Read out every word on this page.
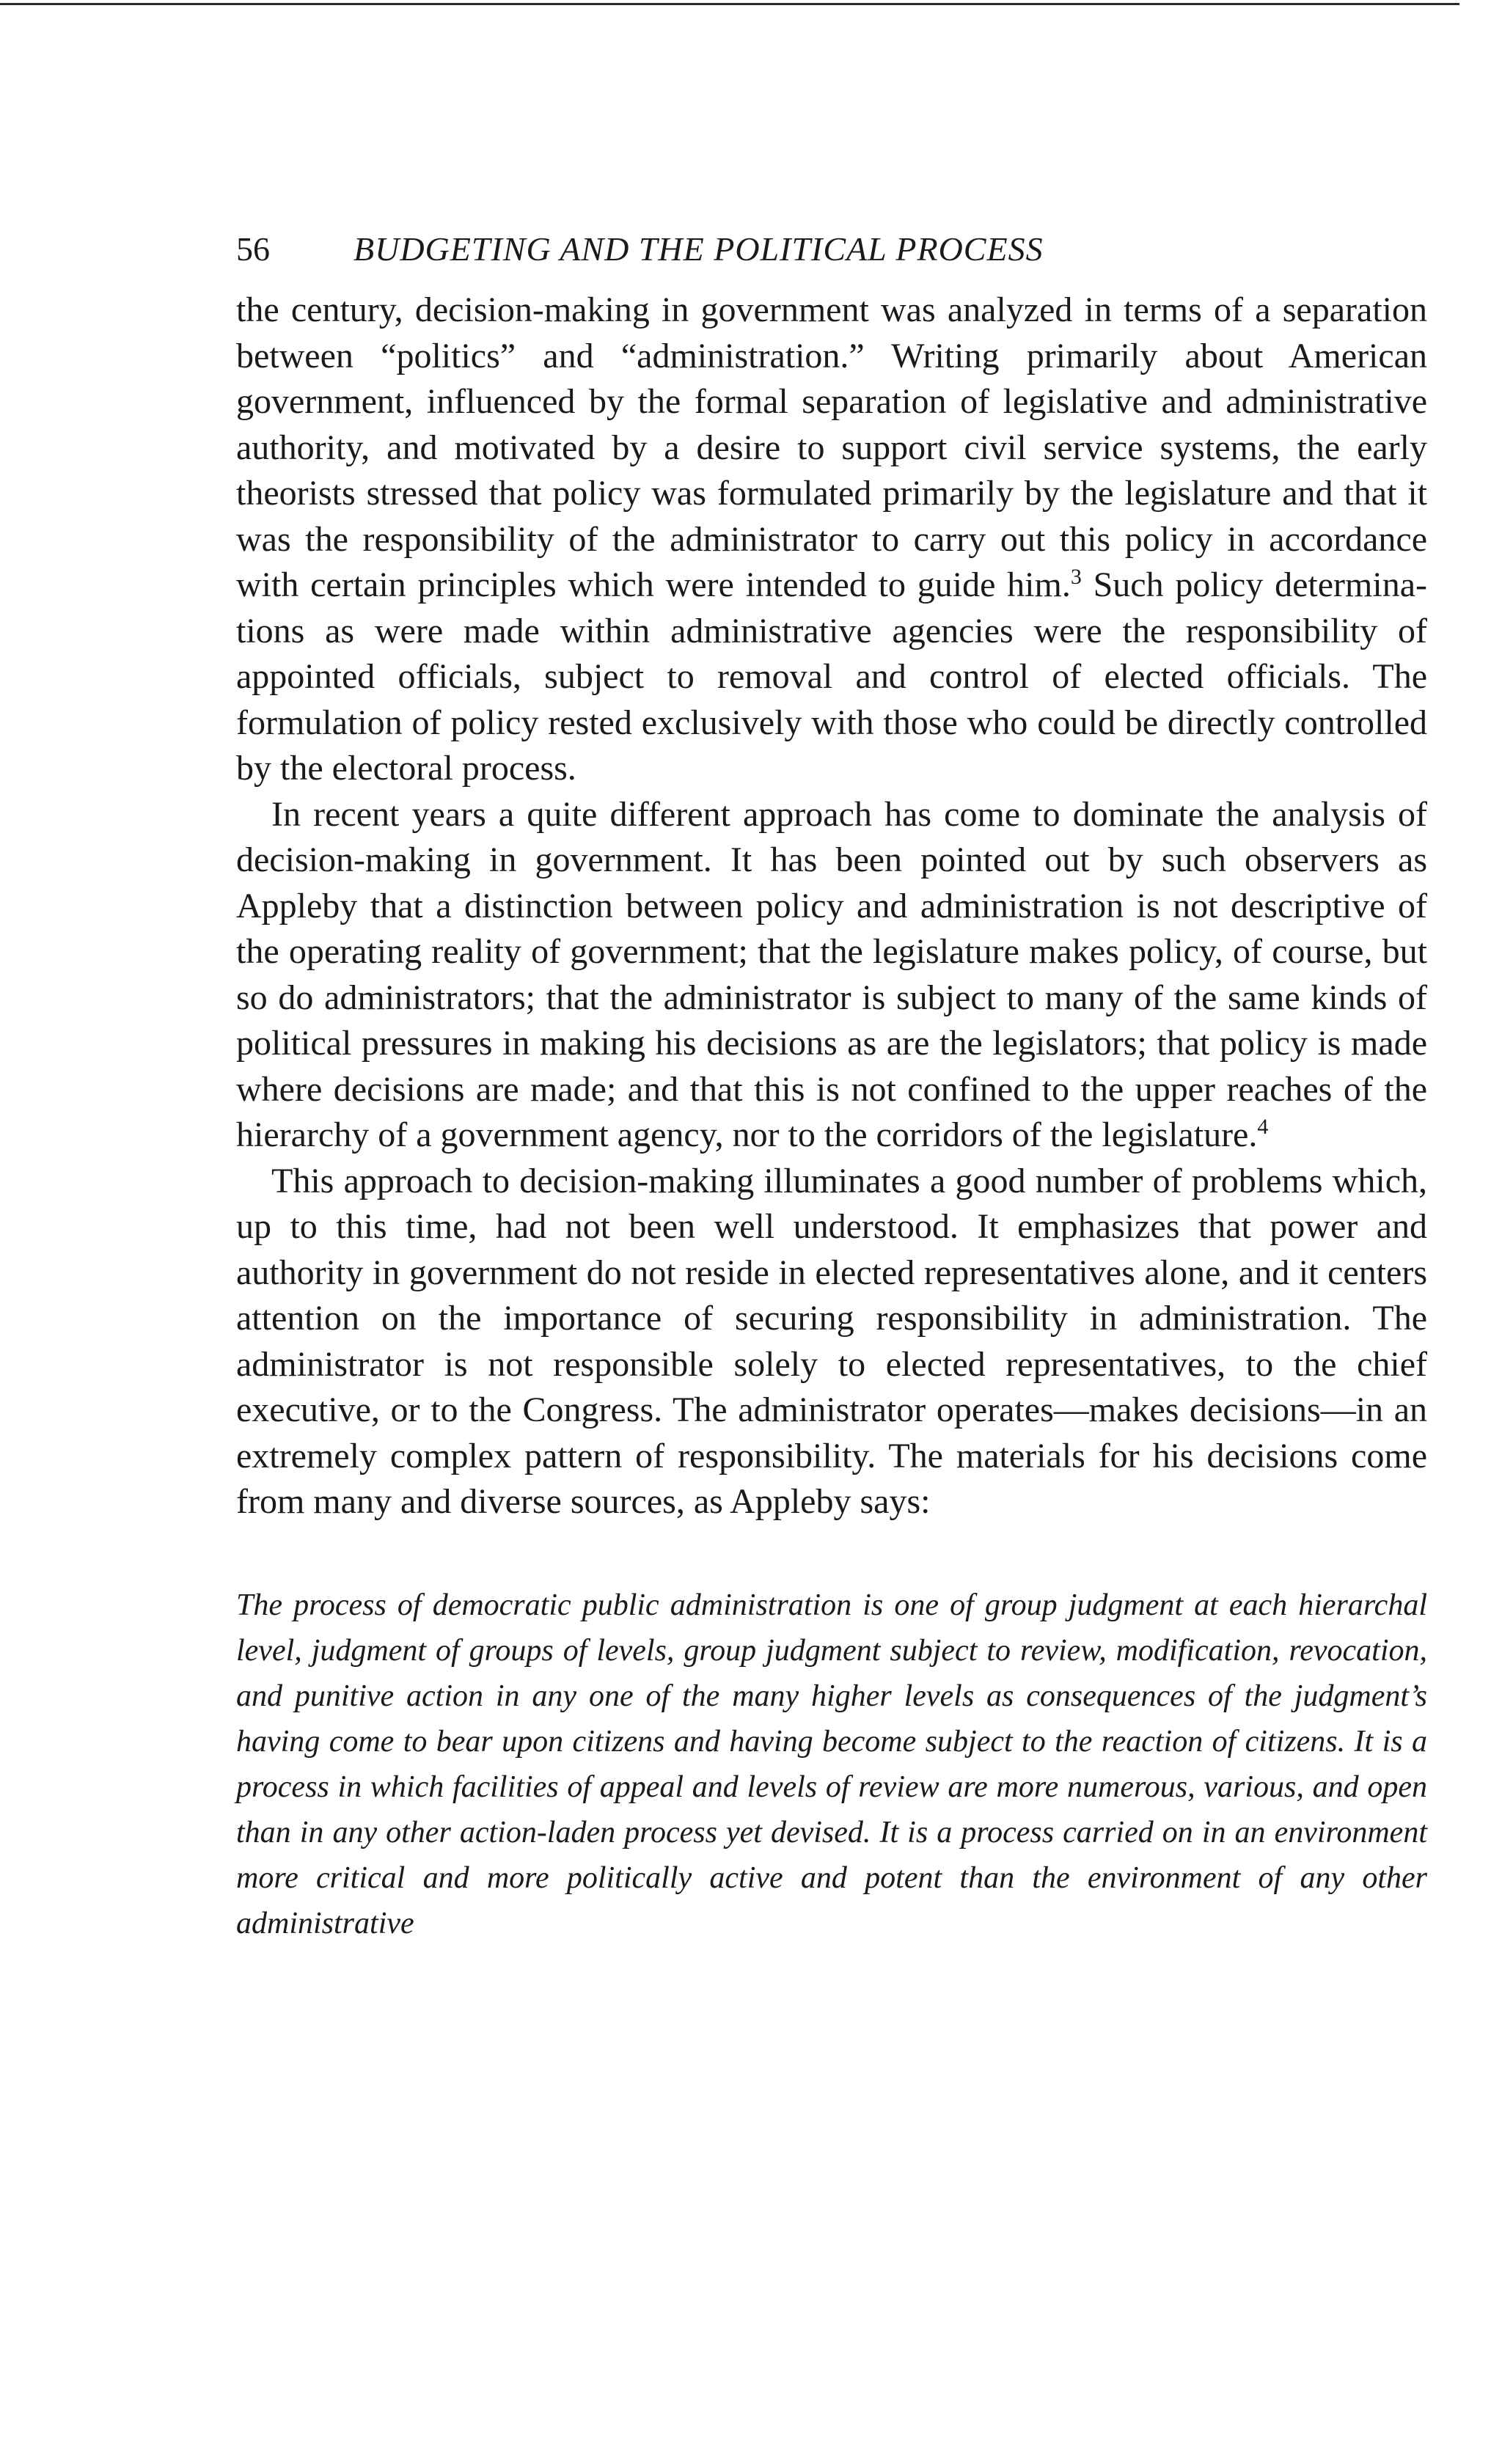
56	BUDGETING AND THE POLITICAL PROCESS

the century, decision-making in government was analyzed in terms of a separation between “politics” and “administration.” Writing primarily about American government, influenced by the formal separation of legislative and administrative authority, and motivated by a desire to support civil service systems, the early theorists stressed that policy was formulated primarily by the legislature and that it was the responsibility of the administrator to carry out this policy in accordance with certain principles which were intended to guide him.$^3$ Such policy determinations as were made within administrative agencies were the responsibility of appointed officials, subject to removal and control of elected officials. The formulation of policy rested exclusively with those who could be directly controlled by the electoral process.

In recent years a quite different approach has come to dominate the analysis of decision-making in government. It has been pointed out by such observers as Appleby that a distinction between policy and administration is not descriptive of the operating reality of government; that the legislature makes policy, of course, but so do administrators; that the administrator is subject to many of the same kinds of political pressures in making his decisions as are the legislators; that policy is made where decisions are made; and that this is not confined to the upper reaches of the hierarchy of a government agency, nor to the corridors of the legislature.$^4$

This approach to decision-making illuminates a good number of problems which, up to this time, had not been well understood. It emphasizes that power and authority in government do not reside in elected representatives alone, and it centers attention on the importance of securing responsibility in administration. The administrator is not responsible solely to elected representatives, to the chief executive, or to the Congress. The administrator operates—makes decisions—in an extremely complex pattern of responsibility. The materials for his decisions come from many and diverse sources, as Appleby says:

The process of democratic public administration is one of group judgment at each hierarchal level, judgment of groups of levels, group judgment subject to review, modification, revocation, and punitive action in any one of the many higher levels as consequences of the judgment’s having come to bear upon citizens and having become subject to the reaction of citizens. It is a process in which facilities of appeal and levels of review are more numerous, various, and open than in any other action-laden process yet devised. It is a process carried on in an environment more critical and more politically active and potent than the environment of any other administrative
